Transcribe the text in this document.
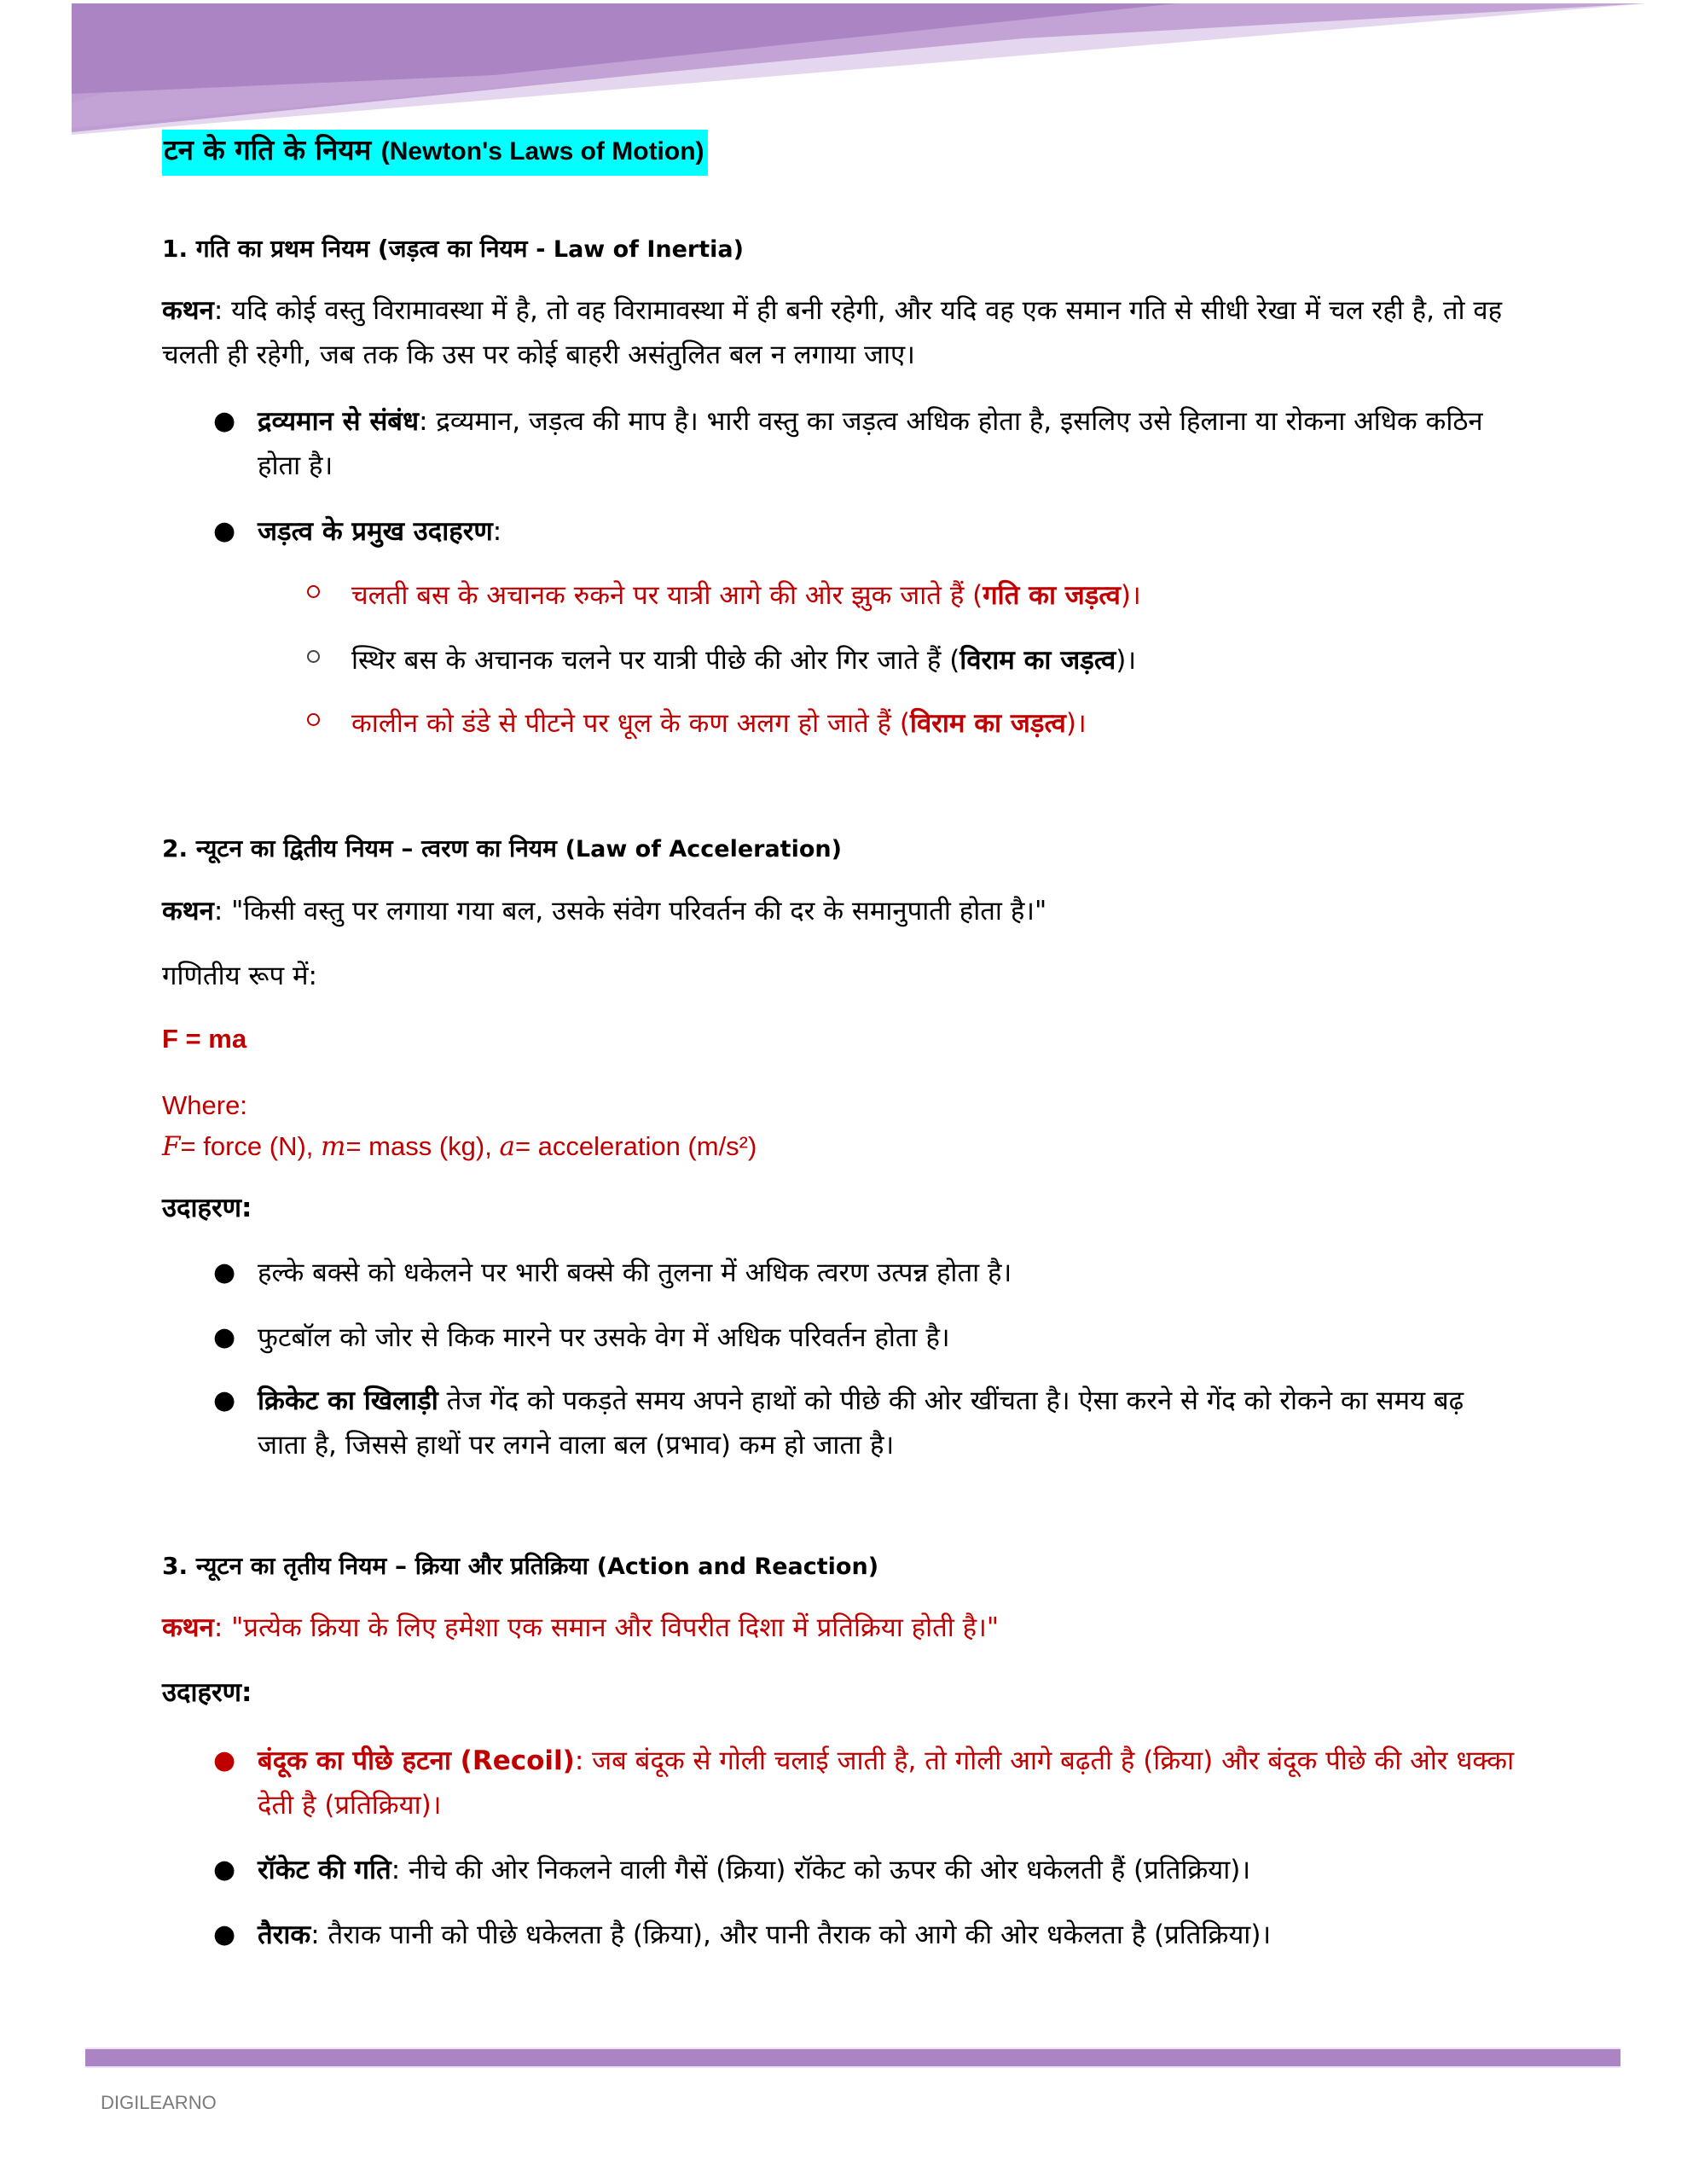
टन के गति के नियम (Newton's Laws of Motion)
1. गति का प्रथम नियम (जड़त्व का नियम - Law of Inertia)
कथन: यदि कोई वस्तु विरामावस्था में है, तो वह विरामावस्था में ही बनी रहेगी, और यदि वह एक समान गति से सीधी रेखा में चल रही है, तो वह चलती ही रहेगी, जब तक कि उस पर कोई बाहरी असंतुलित बल न लगाया जाए।
● द्रव्यमान से संबंध: द्रव्यमान, जड़त्व की माप है। भारी वस्तु का जड़त्व अधिक होता है, इसलिए उसे हिलाना या रोकना अधिक कठिन होता है।
● जड़त्व के प्रमुख उदाहरण:
चलती बस के अचानक रुकने पर यात्री आगे की ओर झुक जाते हैं (गति का जड़त्व)।
स्थिर बस के अचानक चलने पर यात्री पीछे की ओर गिर जाते हैं (विराम का जड़त्व)।
कालीन को डंडे से पीटने पर धूल के कण अलग हो जाते हैं (विराम का जड़त्व)।
2. न्यूटन का द्वितीय नियम – त्वरण का नियम (Law of Acceleration)
कथन: "किसी वस्तु पर लगाया गया बल, उसके संवेग परिवर्तन की दर के समानुपाती होता है।"
गणितीय रूप में:
F = ma
Where:
F= force (N), m= mass (kg), a= acceleration (m/s²)
उदाहरण:
● हल्के बक्से को धकेलने पर भारी बक्से की तुलना में अधिक त्वरण उत्पन्न होता है।
● फुटबॉल को जोर से किक मारने पर उसके वेग में अधिक परिवर्तन होता है।
● क्रिकेट का खिलाड़ी तेज गेंद को पकड़ते समय अपने हाथों को पीछे की ओर खींचता है। ऐसा करने से गेंद को रोकने का समय बढ़ जाता है, जिससे हाथों पर लगने वाला बल (प्रभाव) कम हो जाता है।
3. न्यूटन का तृतीय नियम – क्रिया और प्रतिक्रिया (Action and Reaction)
कथन: "प्रत्येक क्रिया के लिए हमेशा एक समान और विपरीत दिशा में प्रतिक्रिया होती है।"
उदाहरण:
● बंदूक का पीछे हटना (Recoil): जब बंदूक से गोली चलाई जाती है, तो गोली आगे बढ़ती है (क्रिया) और बंदूक पीछे की ओर धक्का देती है (प्रतिक्रिया)।
● रॉकेट की गति: नीचे की ओर निकलने वाली गैसें (क्रिया) रॉकेट को ऊपर की ओर धकेलती हैं (प्रतिक्रिया)।
● तैराक: तैराक पानी को पीछे धकेलता है (क्रिया), और पानी तैराक को आगे की ओर धकेलता है (प्रतिक्रिया)।
DIGILEARNO
